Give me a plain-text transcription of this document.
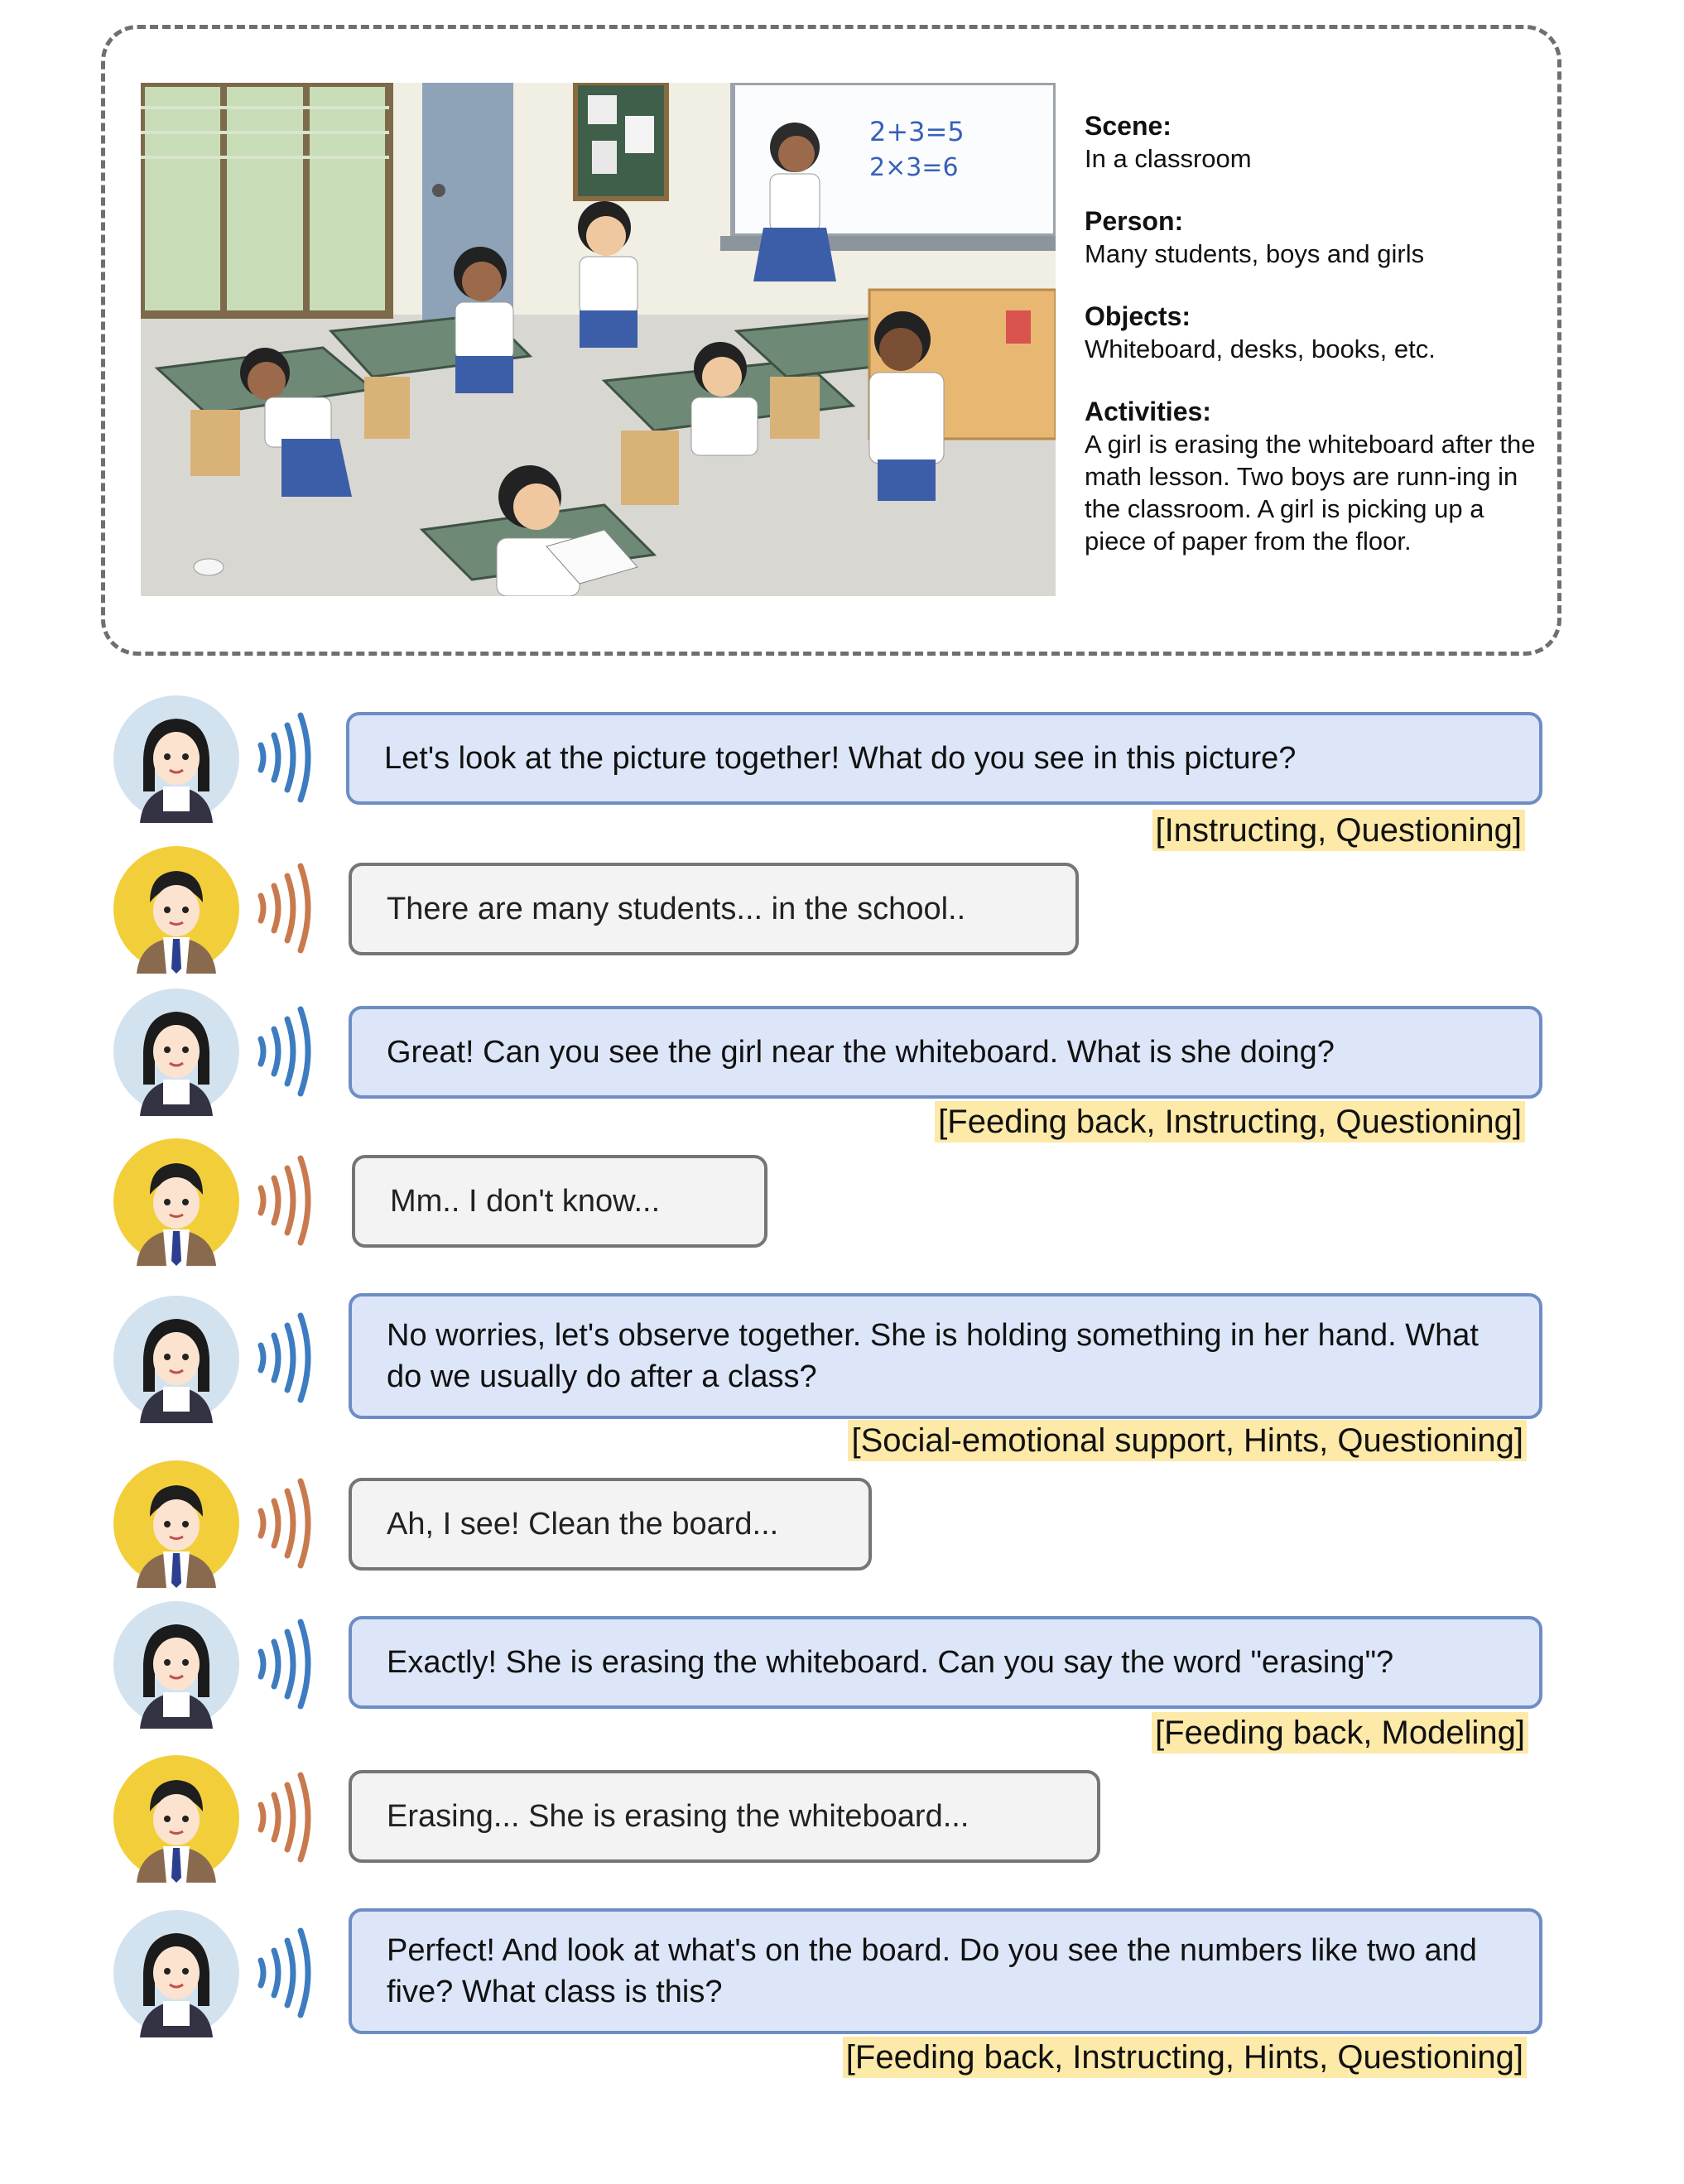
2+3=5
2×3=6
Scene:
In a classroom
Person:
Many students, boys and girls
Objects:
Whiteboard, desks, books, etc.
Activities:
A girl is erasing the whiteboard after the math lesson. Two boys are runn-ing in the classroom. A girl is picking up a piece of paper from the floor.
Let's look at the picture together! What do you see in this picture?
[Instructing, Questioning]
There are many students... in the school..
Great! Can you see the girl near the whiteboard. What is she doing?
[Feeding back, Instructing, Questioning]
Mm.. I don't know...
No worries, let's observe together. She is holding something in her hand. What do we usually do after a class?
[Social-emotional support, Hints, Questioning]
Ah, I see! Clean the board...
Exactly! She is erasing the whiteboard. Can you say the word "erasing"?
[Feeding back, Modeling]
Erasing... She is erasing the whiteboard...
Perfect! And look at what's on the board. Do you see the numbers like two and five? What class is this?
[Feeding back, Instructing, Hints, Questioning]
